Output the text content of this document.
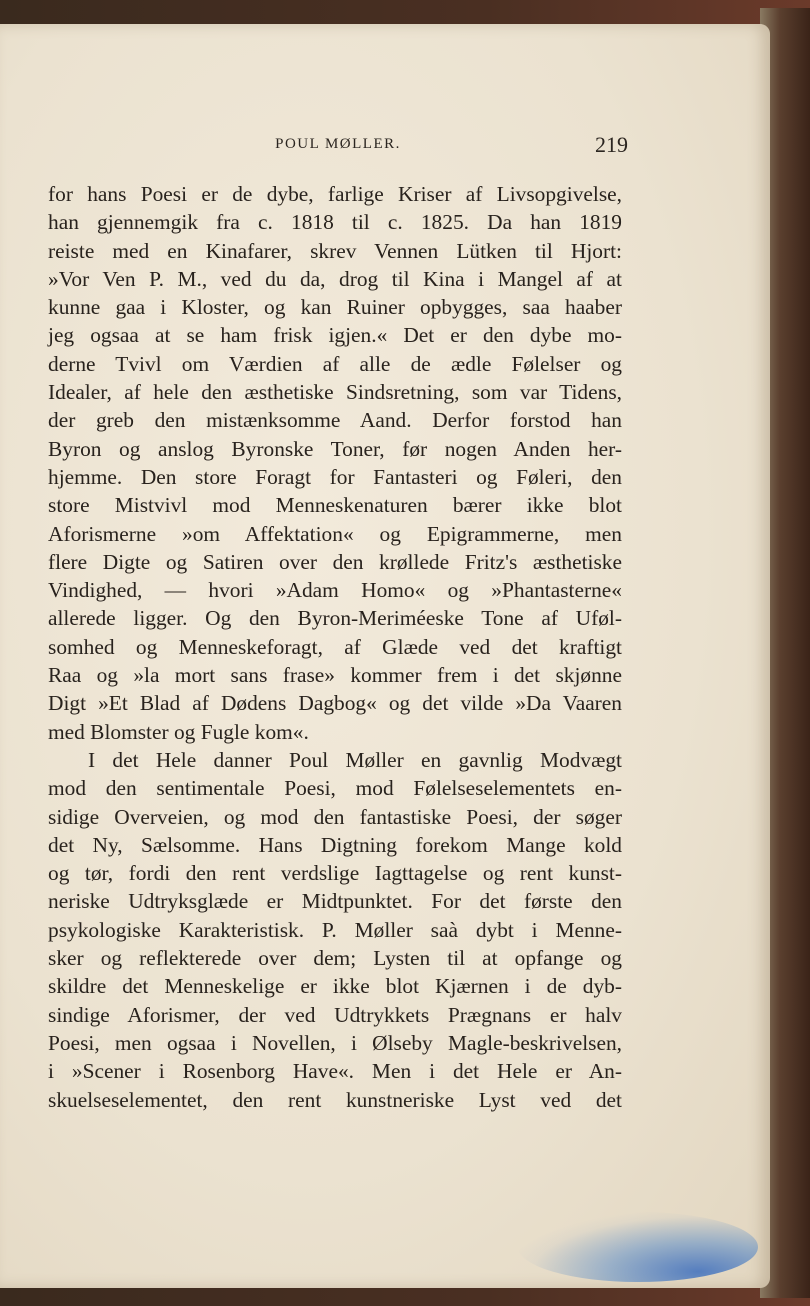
POUL MØLLER.	219
for hans Poesi er de dybe, farlige Kriser af Livsopgivelse,
han gjennemgik fra c. 1818 til c. 1825. Da han 1819
reiste med en Kinafarer, skrev Vennen Lütken til Hjort:
»Vor Ven P. M., ved du da, drog til Kina i Mangel af at
kunne gaa i Kloster, og kan Ruiner opbygges, saa haaber
jeg ogsaa at se ham frisk igjen.« Det er den dybe mo-
derne Tvivl om Værdien af alle de ædle Følelser og
Idealer, af hele den æsthetiske Sindsretning, som var Tidens,
der greb den mistænksomme Aand. Derfor forstod han
Byron og anslog Byronske Toner, før nogen Anden her-
hjemme. Den store Foragt for Fantasteri og Føleri, den
store Mistvivl mod Menneskenaturen bærer ikke blot
Aforismerne »om Affektation« og Epigrammerne, men
flere Digte og Satiren over den krøllede Fritz's æsthetiske
Vindighed, — hvori »Adam Homo« og »Phantasterne«
allerede ligger. Og den Byron-Meriméeske Tone af Uføl-
somhed og Menneskeforagt, af Glæde ved det kraftigt
Raa og »la mort sans frase» kommer frem i det skjønne
Digt »Et Blad af Dødens Dagbog« og det vilde »Da Vaaren
med Blomster og Fugle kom«.
I det Hele danner Poul Møller en gavnlig Modvægt
mod den sentimentale Poesi, mod Følelseselementets en-
sidige Overveien, og mod den fantastiske Poesi, der søger
det Ny, Sælsomme. Hans Digtning forekom Mange kold
og tør, fordi den rent verdslige Iagttagelse og rent kunst-
neriske Udtryksglæde er Midtpunktet. For det første den
psykologiske Karakteristisk. P. Møller saà dybt i Menne-
sker og reflekterede over dem; Lysten til at opfange og
skildre det Menneskelige er ikke blot Kjærnen i de dyb-
sindige Aforismer, der ved Udtrykkets Prægnans er halv
Poesi, men ogsaa i Novellen, i Ølseby Magle-beskrivelsen,
i »Scener i Rosenborg Have«. Men i det Hele er An-
skuelseselementet, den rent kunstneriske Lyst ved det
